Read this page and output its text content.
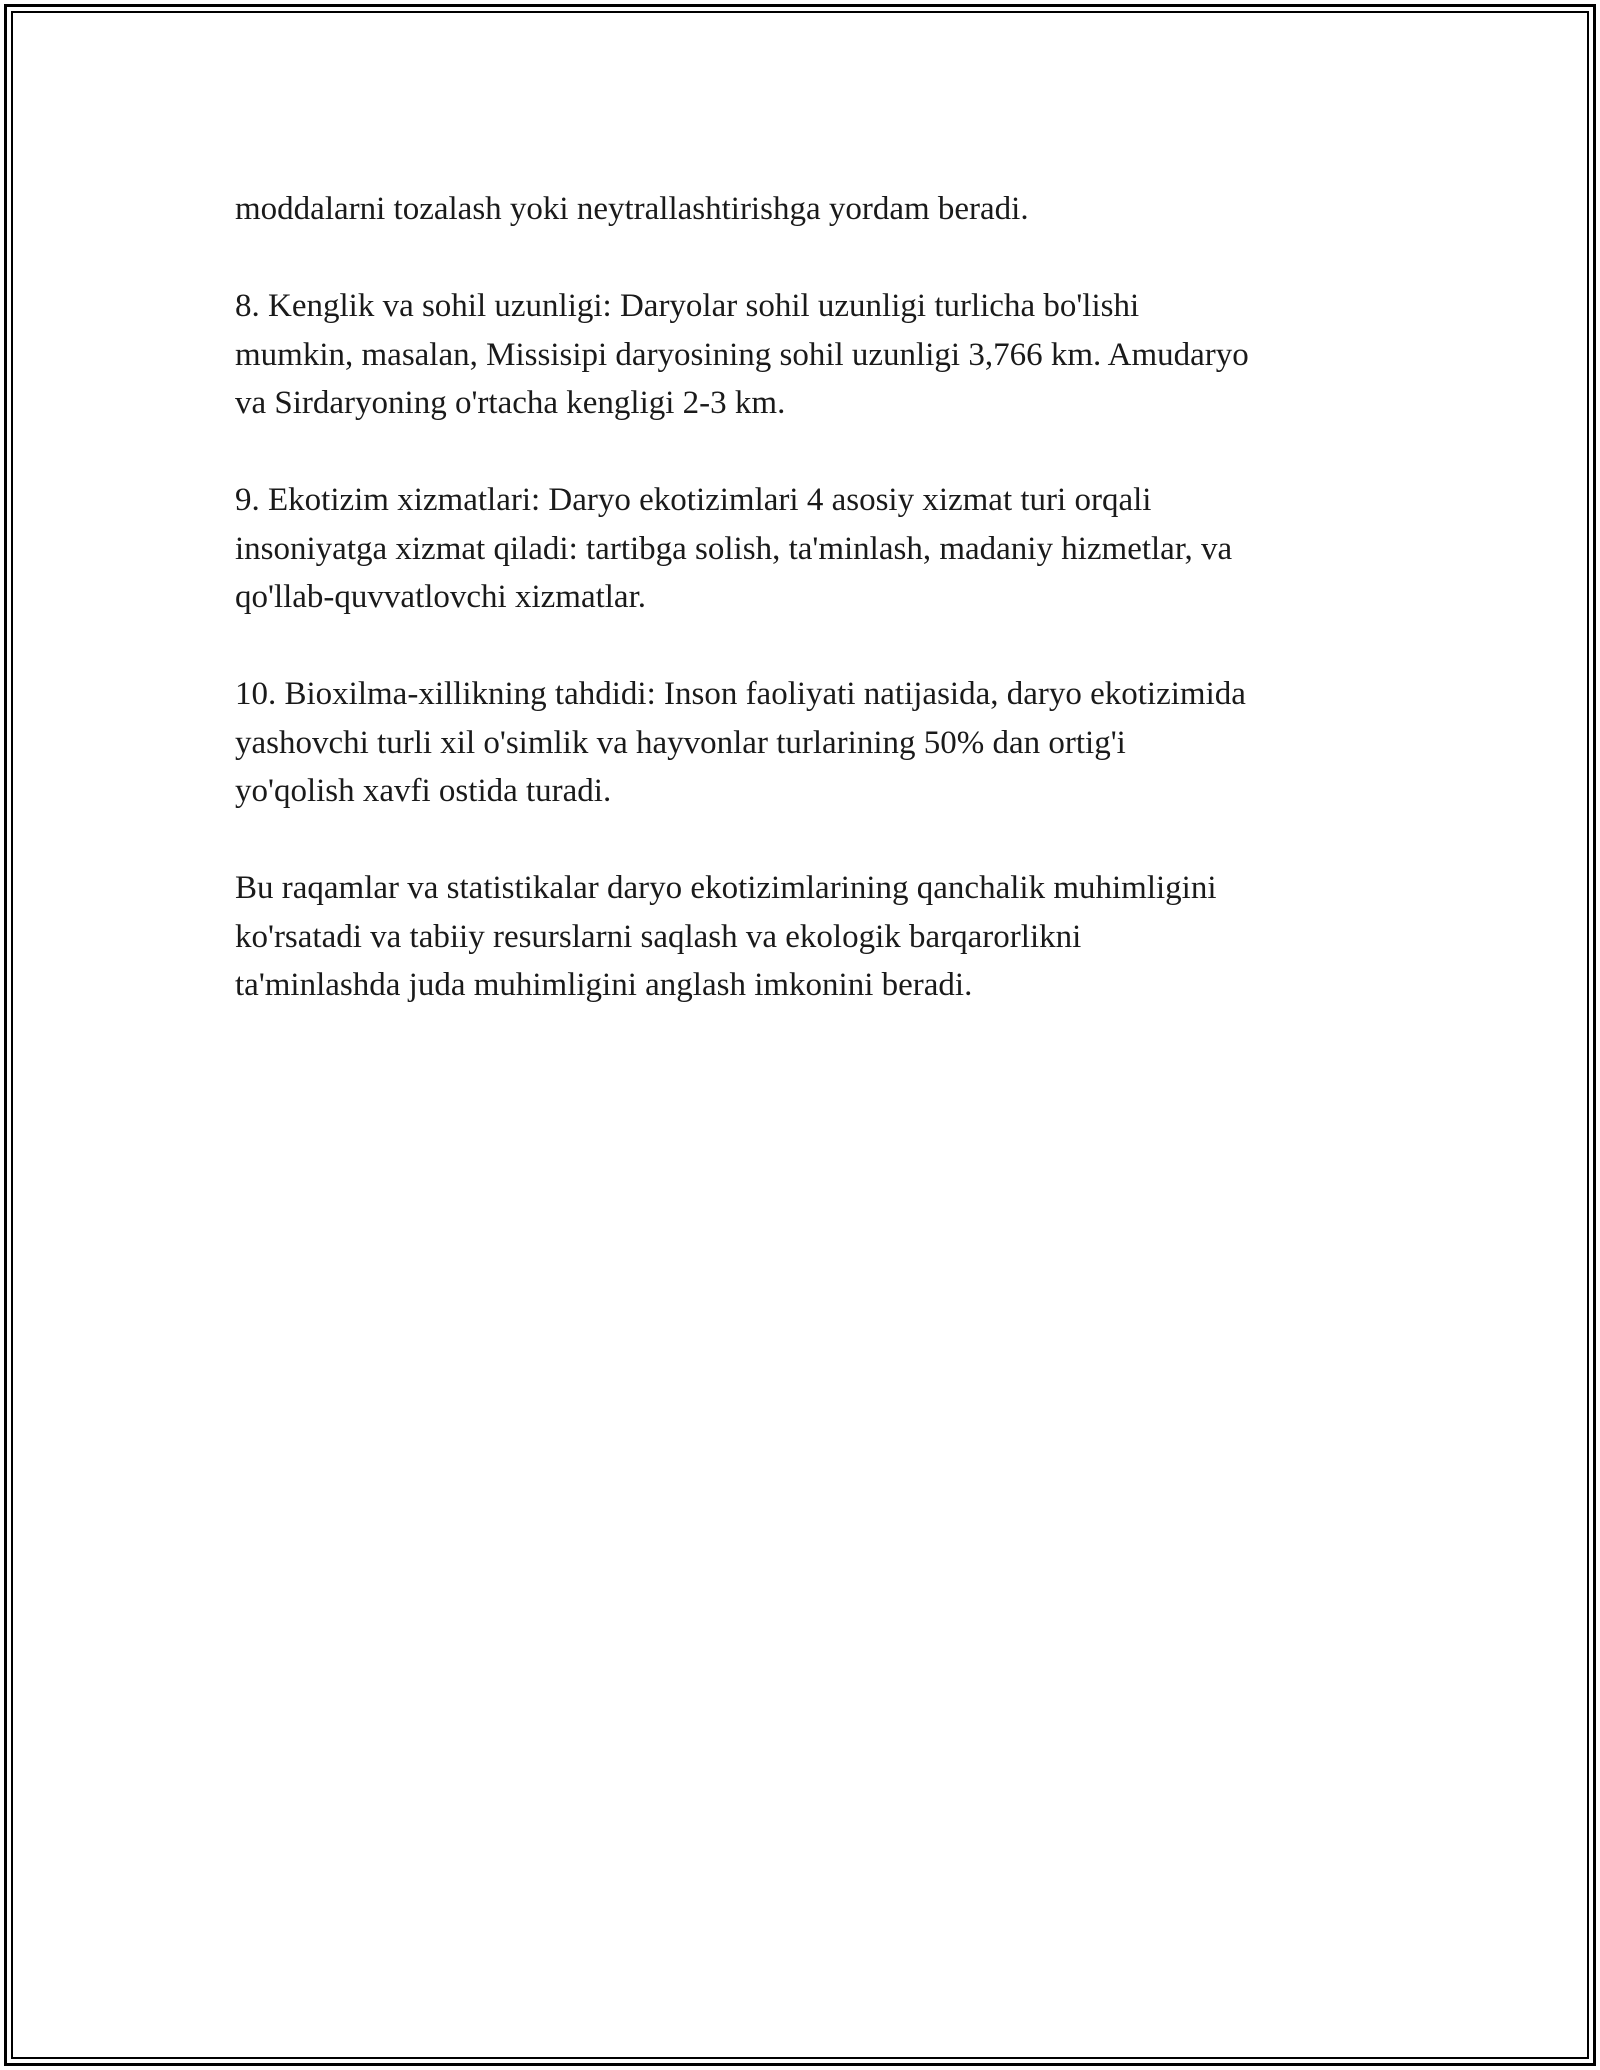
moddalarni tozalash yoki neytrallashtirishga yordam beradi.

8. Kenglik va sohil uzunligi: Daryolar sohil uzunligi turlicha bo'lishi
mumkin, masalan, Missisipi daryosining sohil uzunligi 3,766 km. Amudaryo
va Sirdaryoning o'rtacha kengligi 2-3 km.

9. Ekotizim xizmatlari: Daryo ekotizimlari 4 asosiy xizmat turi orqali
insoniyatga xizmat qiladi: tartibga solish, ta'minlash, madaniy hizmetlar, va
qo'llab-quvvatlovchi xizmatlar.

10. Bioxilma-xillikning tahdidi: Inson faoliyati natijasida, daryo ekotizimida
yashovchi turli xil o'simlik va hayvonlar turlarining 50% dan ortig'i
yo'qolish xavfi ostida turadi.

Bu raqamlar va statistikalar daryo ekotizimlarining qanchalik muhimligini
ko'rsatadi va tabiiy resurslarni saqlash va ekologik barqarorlikni
ta'minlashda juda muhimligini anglash imkonini beradi.
